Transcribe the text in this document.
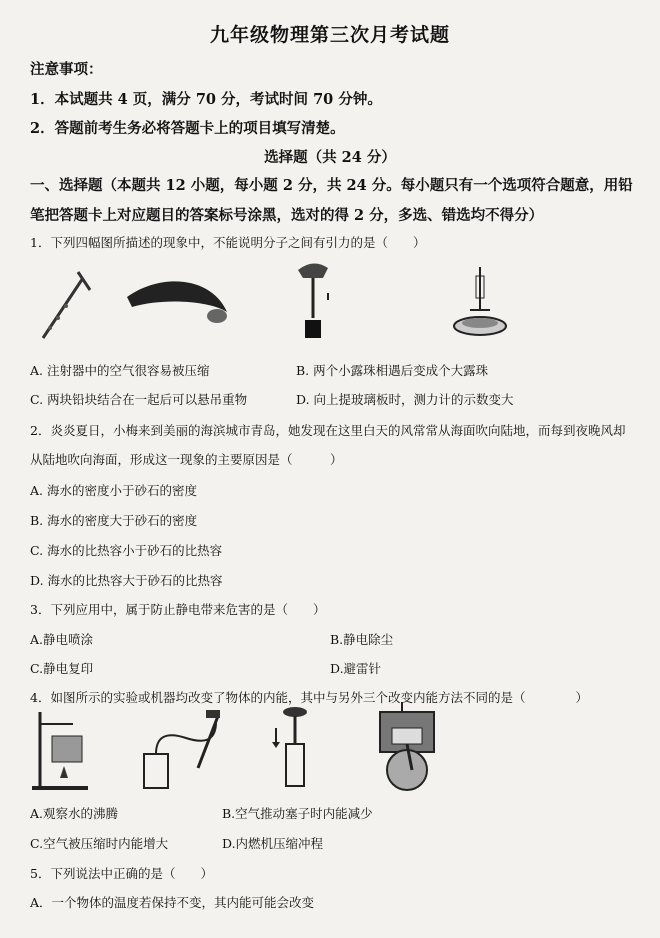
九年级物理第三次月考试题
注意事项：
1．本试题共 4 页，满分 70 分，考试时间 70 分钟。
2．答题前考生务必将答题卡上的项目填写清楚。
选择题（共 24 分）
一、选择题（本题共 12 小题，每小题 2 分，共 24 分。每小题只有一个选项符合题意，用铅
笔把答题卡上对应题目的答案标号涂黑，选对的得 2 分，多选、错选均不得分）
1．下列四幅图所描述的现象中，不能说明分子之间有引力的是（　　）
A. 注射器中的空气很容易被压缩	B. 两个小露珠相遇后变成个大露珠
C. 两块铅块结合在一起后可以悬吊重物	D. 向上提玻璃板时，测力计的示数变大
2．炎炎夏日，小梅来到美丽的海滨城市青岛，她发现在这里白天的风常常从海面吹向陆地，而每到夜晚风却
从陆地吹向海面，形成这一现象的主要原因是（　　　）
A. 海水的密度小于砂石的密度
B. 海水的密度大于砂石的密度
C. 海水的比热容小于砂石的比热容
D. 海水的比热容大于砂石的比热容
3．下列应用中，属于防止静电带来危害的是（　　）
A.静电喷涂	B.静电除尘
C.静电复印	D.避雷针
4．如图所示的实验或机器均改变了物体的内能，其中与另外三个改变内能方法不同的是（　　　　）
A.观察水的沸腾	B.空气推动塞子时内能减少
C.空气被压缩时内能增大	D.内燃机压缩冲程
5．下列说法中正确的是（　　）
A．一个物体的温度若保持不变，其内能可能会改变
